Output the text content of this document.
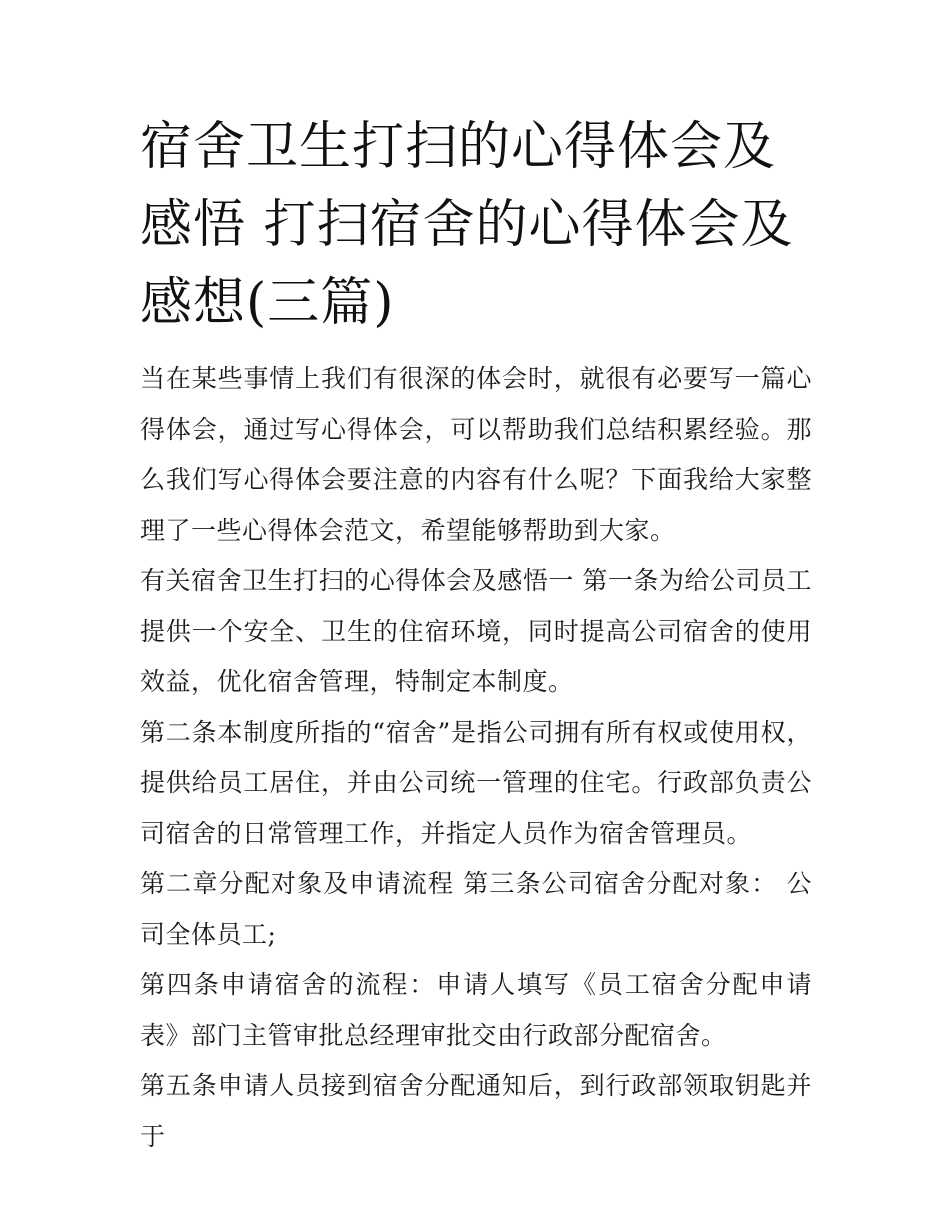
宿舍卫生打扫的心得体会及感悟 打扫宿舍的心得体会及感想(三篇)

当在某些事情上我们有很深的体会时，就很有必要写一篇心得体会，通过写心得体会，可以帮助我们总结积累经验。那么我们写心得体会要注意的内容有什么呢？下面我给大家整理了一些心得体会范文，希望能够帮助到大家。

有关宿舍卫生打扫的心得体会及感悟一 第一条为给公司员工提供一个安全、卫生的住宿环境，同时提高公司宿舍的使用效益，优化宿舍管理，特制定本制度。

第二条本制度所指的“宿舍”是指公司拥有所有权或使用权，提供给员工居住，并由公司统一管理的住宅。行政部负责公司宿舍的日常管理工作，并指定人员作为宿舍管理员。

第二章分配对象及申请流程 第三条公司宿舍分配对象： 公司全体员工;

第四条申请宿舍的流程：申请人填写《员工宿舍分配申请表》部门主管审批总经理审批交由行政部分配宿舍。

第五条申请人员接到宿舍分配通知后，到行政部领取钥匙并于
